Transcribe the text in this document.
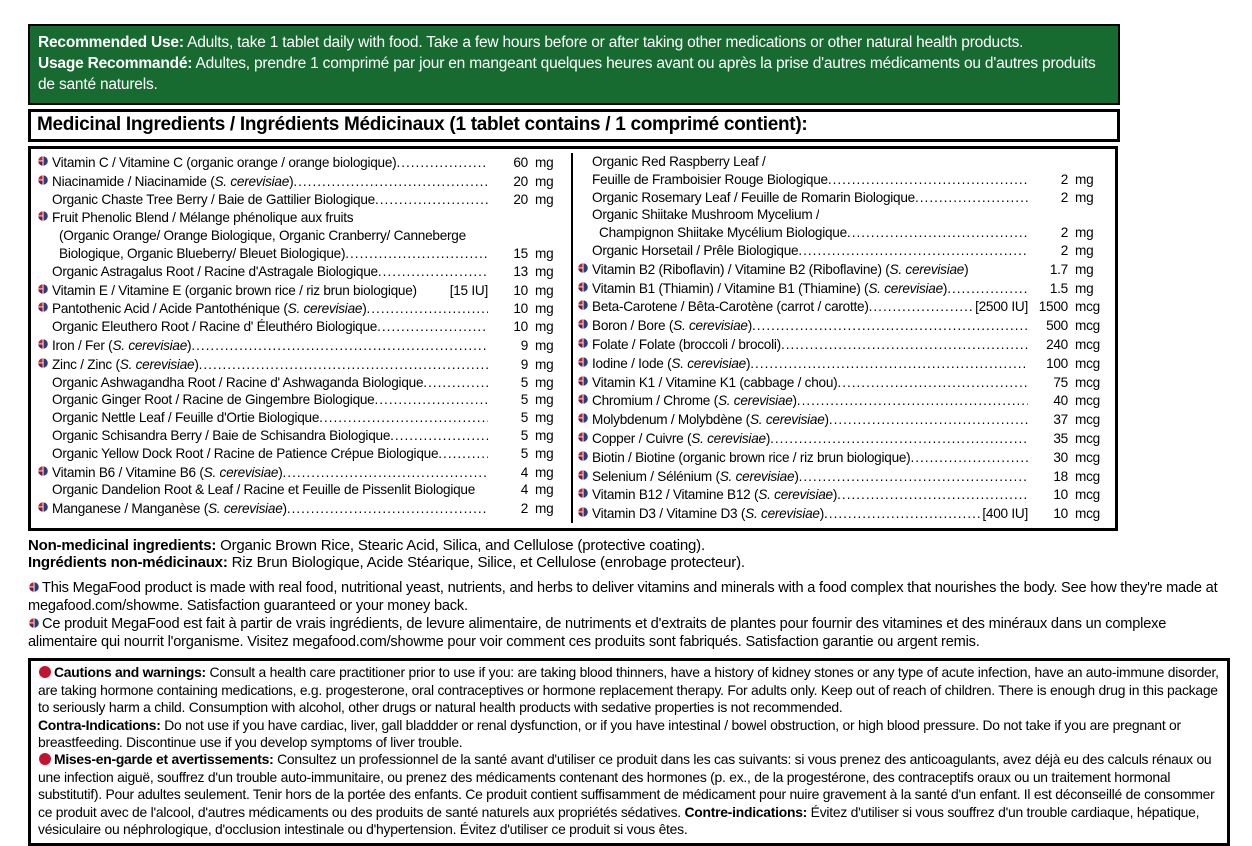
Recommended Use: Adults, take 1 tablet daily with food. Take a few hours before or after taking other medications or other natural health products.
Usage Recommandé: Adultes, prendre 1 comprimé par jour en mangeant quelques heures avant ou après la prise d'autres médicaments ou d'autres produits de santé naturels.
Medicinal Ingredients / Ingrédients Médicinaux (1 tablet contains / 1 comprimé contient):
Vitamin C / Vitamine C (organic orange / orange biologique) .....	60 mg
Niacinamide / Niacinamide (S. cerevisiae) .....	20 mg
Organic Chaste Tree Berry / Baie de Gattilier Biologique .....	20 mg
Fruit Phenolic Blend / Mélange phénolique aux fruits
(Organic Orange/ Orange Biologique, Organic Cranberry/ Canneberge
Biologique, Organic Blueberry/ Bleuet Biologique) .....	15 mg
Organic Astragalus Root / Racine d'Astragale Biologique .....	13 mg
Vitamin E / Vitamine E (organic brown rice / riz brun biologique) [15 IU]	10 mg
Pantothenic Acid / Acide Pantothénique (S. cerevisiae) .....	10 mg
Organic Eleuthero Root / Racine d' Éleuthéro Biologique .....	10 mg
Iron / Fer (S. cerevisiae) .....	9 mg
Zinc / Zinc (S. cerevisiae) .....	9 mg
Organic Ashwagandha Root / Racine d' Ashwaganda Biologique .....	5 mg
Organic Ginger Root / Racine de Gingembre Biologique .....	5 mg
Organic Nettle Leaf / Feuille d'Ortie Biologique .....	5 mg
Organic Schisandra Berry / Baie de Schisandra Biologique .....	5 mg
Organic Yellow Dock Root / Racine de Patience Crépue Biologique .....	5 mg
Vitamin B6 / Vitamine B6 (S. cerevisiae) .....	4 mg
Organic Dandelion Root & Leaf / Racine et Feuille de Pissenlit Biologique	4 mg
Manganese / Manganèse (S. cerevisiae) .....	2 mg
Organic Red Raspberry Leaf /
Feuille de Framboisier Rouge Biologique .....	2 mg
Organic Rosemary Leaf / Feuille de Romarin Biologique .....	2 mg
Organic Shiitake Mushroom Mycelium /
Champignon Shiitake Mycélium Biologique .....	2 mg
Organic Horsetail / Prêle Biologique .....	2 mg
Vitamin B2 (Riboflavin) / Vitamine B2 (Riboflavine) (S. cerevisiae)	1.7 mg
Vitamin B1 (Thiamin) / Vitamine B1 (Thiamine) (S. cerevisiae) .....	1.5 mg
Beta-Carotene / Bêta-Carotène (carrot / carotte) .....	[2500 IU] 1500 mcg
Boron / Bore (S. cerevisiae) .....	500 mcg
Folate / Folate (broccoli / brocoli) .....	240 mcg
Iodine / Iode (S. cerevisiae) .....	100 mcg
Vitamin K1 / Vitamine K1 (cabbage / chou) .....	75 mcg
Chromium / Chrome (S. cerevisiae) .....	40 mcg
Molybdenum / Molybdène (S. cerevisiae) .....	37 mcg
Copper / Cuivre (S. cerevisiae) .....	35 mcg
Biotin / Biotine (organic brown rice / riz brun biologique) .....	30 mcg
Selenium / Sélénium (S. cerevisiae) .....	18 mcg
Vitamin B12 / Vitamine B12 (S. cerevisiae) .....	10 mcg
Vitamin D3 / Vitamine D3 (S. cerevisiae) .....	[400 IU]	10 mcg
Non-medicinal ingredients: Organic Brown Rice, Stearic Acid, Silica, and Cellulose (protective coating).
Ingrédients non-médicinaux: Riz Brun Biologique, Acide Stéarique, Silice, et Cellulose (enrobage protecteur).

This MegaFood product is made with real food, nutritional yeast, nutrients, and herbs to deliver vitamins and minerals with a food complex that nourishes the body. See how they're made at megafood.com/showme. Satisfaction guaranteed or your money back.

Ce produit MegaFood est fait à partir de vrais ingrédients, de levure alimentaire, de nutriments et d'extraits de plantes pour fournir des vitamines et des minéraux dans un complexe alimentaire qui nourrit l'organisme. Visitez megafood.com/showme pour voir comment ces produits sont fabriqués. Satisfaction garantie ou argent remis.

Cautions and warnings: Consult a health care practitioner prior to use if you: are taking blood thinners, have a history of kidney stones or any type of acute infection, have an auto-immune disorder, are taking hormone containing medications, e.g. progesterone, oral contraceptives or hormone replacement therapy. For adults only. Keep out of reach of children. There is enough drug in this package to seriously harm a child. Consumption with alcohol, other drugs or natural health products with sedative properties is not recommended.

Contra-Indications: Do not use if you have cardiac, liver, gall bladdder or renal dysfunction, or if you have intestinal / bowel obstruction, or high blood pressure. Do not take if you are pregnant or breastfeeding. Discontinue use if you develop symptoms of liver trouble.

Mises-en-garde et avertissements: Consultez un professionnel de la santé avant d'utiliser ce produit dans les cas suivants: si vous prenez des anticoagulants, avez déjà eu des calculs rénaux ou une infection aiguë, souffrez d'un trouble auto-immunitaire, ou prenez des médicaments contenant des hormones (p. ex., de la progestérone, des contraceptifs oraux ou un traitement hormonal substitutif). Pour adultes seulement. Tenir hors de la portée des enfants. Ce produit contient suffisamment de médicament pour nuire gravement à la santé d'un enfant. Il est déconseillé de consommer ce produit avec de l'alcool, d'autres médicaments ou des produits de santé naturels aux propriétés sédatives. Contre-indications: Évitez d'utiliser si vous souffrez d'un trouble cardiaque, hépatique, vésiculaire ou néphrologique, d'occlusion intestinale ou d'hypertension. Évitez d'utiliser ce produit si vous êtes.
